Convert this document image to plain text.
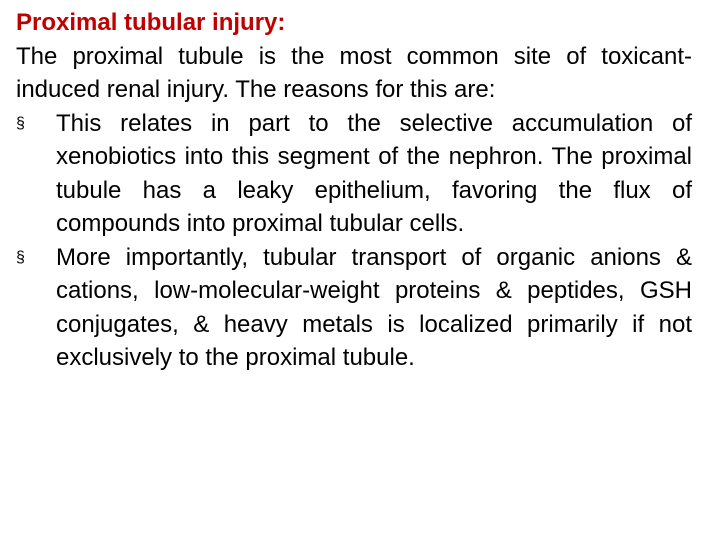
Proximal tubular injury:

The proximal tubule is the most common site of toxicant-induced renal injury. The reasons for this are:

§	This relates in part to the selective accumulation of xenobiotics into this segment of the nephron. The proximal tubule has a leaky epithelium, favoring the flux of compounds into proximal tubular cells.
§	More importantly, tubular transport of organic anions & cations, low-molecular-weight proteins & peptides, GSH conjugates, & heavy metals is localized primarily if not exclusively to the proximal tubule.
